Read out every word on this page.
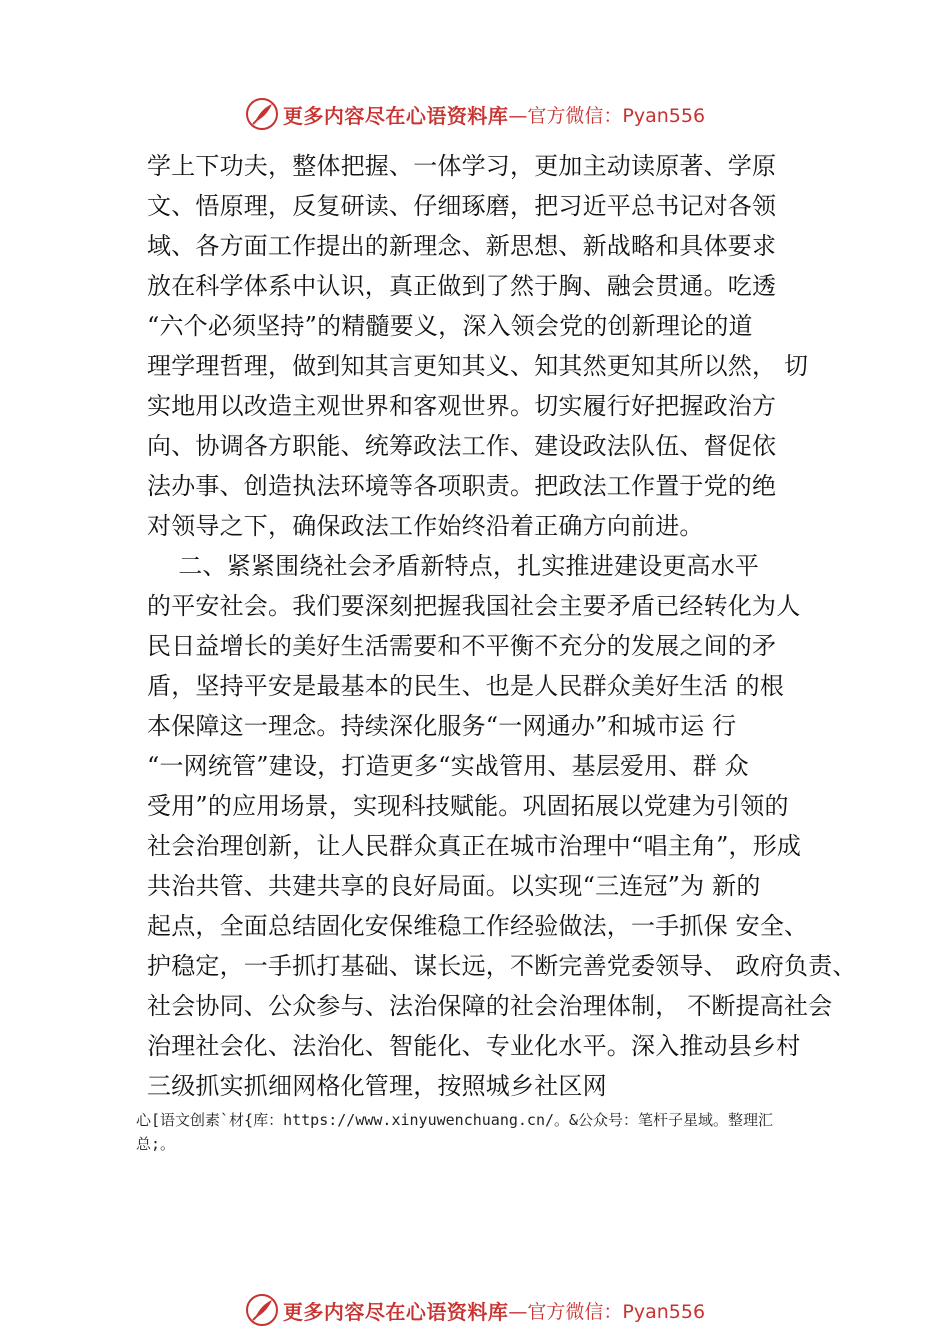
更多内容尽在心语资料库 —官方微信：Pyan556
学上下功夫，整体把握、一体学习，更加主动读原著、学原
文、悟原理，反复研读、仔细琢磨，把习近平总书记对各领
域、各方面工作提出的新理念、新思想、新战略和具体要求
放在科学体系中认识，真正做到了然于胸、融会贯通。吃透
“六个必须坚持”的精髓要义，深入领会党的创新理论的道
理学理哲理，做到知其言更知其义、知其然更知其所以然， 切
实地用以改造主观世界和客观世界。切实履行好把握政治方
向、协调各方职能、统筹政法工作、建设政法队伍、督促依
法办事、创造执法环境等各项职责。把政法工作置于党的绝
对领导之下，确保政法工作始终沿着正确方向前进。
二、紧紧围绕社会矛盾新特点，扎实推进建设更高水平
的平安社会。我们要深刻把握我国社会主要矛盾已经转化为人
民日益增长的美好生活需要和不平衡不充分的发展之间的矛
盾，坚持平安是最基本的民生、也是人民群众美好生活 的根
本保障这一理念。持续深化服务“一网通办”和城市运 行
“一网统管”建设，打造更多“实战管用、基层爱用、群 众
受用”的应用场景，实现科技赋能。巩固拓展以党建为引领的
社会治理创新，让人民群众真正在城市治理中“唱主角”，形成
共治共管、共建共享的良好局面。以实现“三连冠”为 新的
起点，全面总结固化安保维稳工作经验做法，一手抓保 安全、
护稳定，一手抓打基础、谋长远，不断完善党委领导、 政府负责、
社会协同、公众参与、法治保障的社会治理体制， 不断提高社会
治理社会化、法治化、智能化、专业化水平。深入推动县乡村
三级抓实抓细网格化管理，按照城乡社区网
心[语文创素`材{库：https://www.xinyuwenchuang.cn/。&公众号：笔杆子星域。整理汇
总;。
更多内容尽在心语资料库 —官方微信：Pyan556
